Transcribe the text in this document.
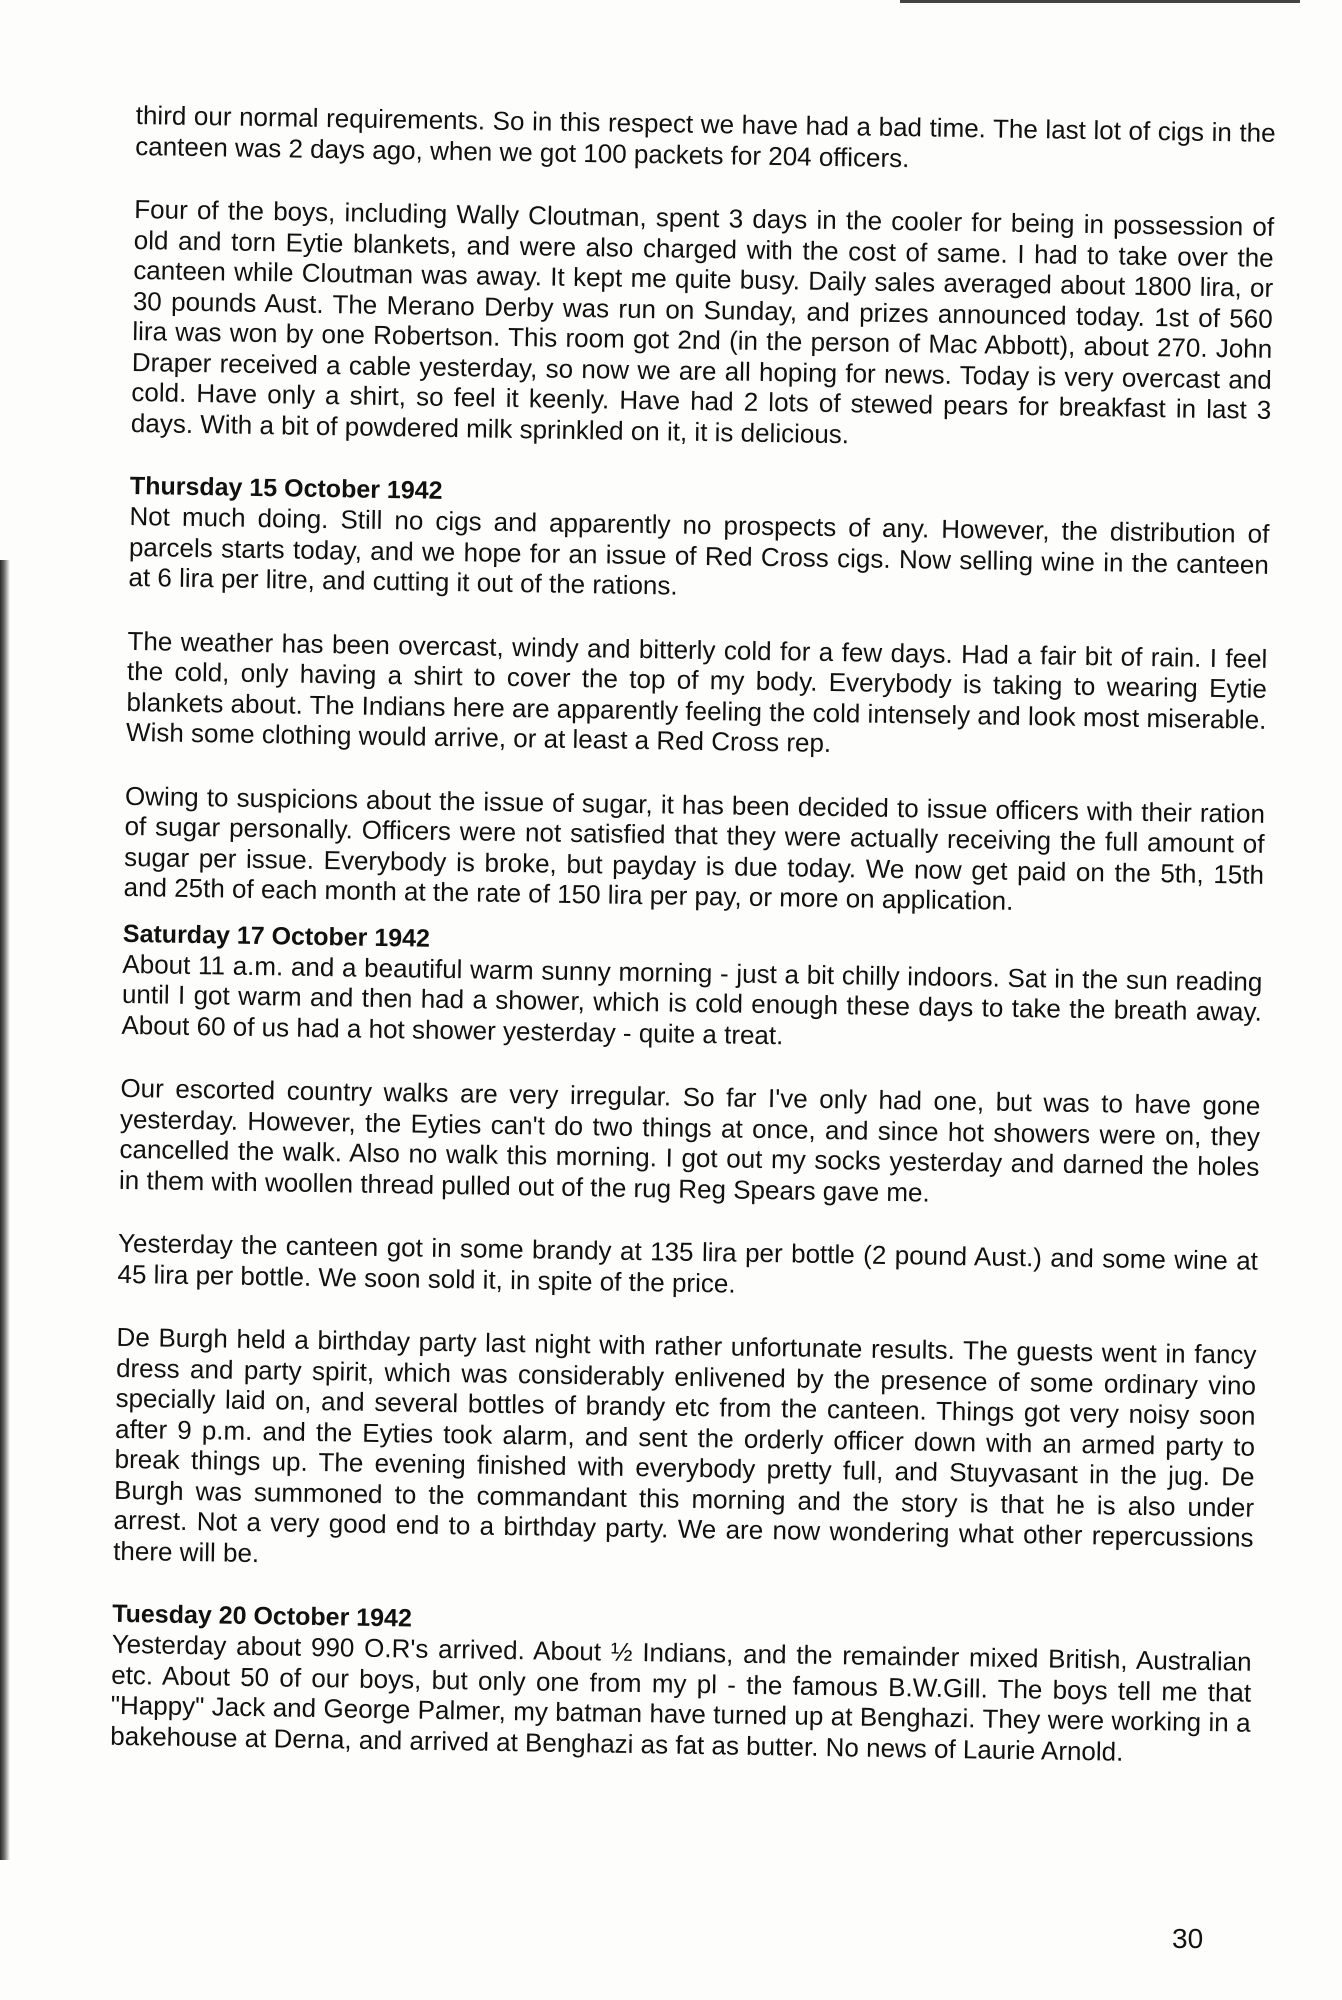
third our normal requirements. So in this respect we have had a bad time. The last lot of cigs in the canteen was 2 days ago, when we got 100 packets for 204 officers.

Four of the boys, including Wally Cloutman, spent 3 days in the cooler for being in possession of old and torn Eytie blankets, and were also charged with the cost of same. I had to take over the canteen while Cloutman was away. It kept me quite busy. Daily sales averaged about 1800 lira, or 30 pounds Aust. The Merano Derby was run on Sunday, and prizes announced today. 1st of 560 lira was won by one Robertson. This room got 2nd (in the person of Mac Abbott), about 270. John Draper received a cable yesterday, so now we are all hoping for news. Today is very overcast and cold. Have only a shirt, so feel it keenly. Have had 2 lots of stewed pears for breakfast in last 3 days. With a bit of powdered milk sprinkled on it, it is delicious.

Thursday 15 October 1942

Not much doing. Still no cigs and apparently no prospects of any. However, the distribution of parcels starts today, and we hope for an issue of Red Cross cigs. Now selling wine in the canteen at 6 lira per litre, and cutting it out of the rations.

The weather has been overcast, windy and bitterly cold for a few days. Had a fair bit of rain. I feel the cold, only having a shirt to cover the top of my body. Everybody is taking to wearing Eytie blankets about. The Indians here are apparently feeling the cold intensely and look most miserable. Wish some clothing would arrive, or at least a Red Cross rep.

Owing to suspicions about the issue of sugar, it has been decided to issue officers with their ration of sugar personally. Officers were not satisfied that they were actually receiving the full amount of sugar per issue. Everybody is broke, but payday is due today. We now get paid on the 5th, 15th and 25th of each month at the rate of 150 lira per pay, or more on application.

Saturday 17 October 1942

About 11 a.m. and a beautiful warm sunny morning - just a bit chilly indoors. Sat in the sun reading until I got warm and then had a shower, which is cold enough these days to take the breath away. About 60 of us had a hot shower yesterday - quite a treat.

Our escorted country walks are very irregular. So far I've only had one, but was to have gone yesterday. However, the Eyties can't do two things at once, and since hot showers were on, they cancelled the walk. Also no walk this morning. I got out my socks yesterday and darned the holes in them with woollen thread pulled out of the rug Reg Spears gave me.

Yesterday the canteen got in some brandy at 135 lira per bottle (2 pound Aust.) and some wine at 45 lira per bottle. We soon sold it, in spite of the price.

De Burgh held a birthday party last night with rather unfortunate results. The guests went in fancy dress and party spirit, which was considerably enlivened by the presence of some ordinary vino specially laid on, and several bottles of brandy etc from the canteen. Things got very noisy soon after 9 p.m. and the Eyties took alarm, and sent the orderly officer down with an armed party to break things up. The evening finished with everybody pretty full, and Stuyvasant in the jug. De Burgh was summoned to the commandant this morning and the story is that he is also under arrest. Not a very good end to a birthday party. We are now wondering what other repercussions there will be.

Tuesday 20 October 1942

Yesterday about 990 O.R's arrived. About ½ Indians, and the remainder mixed British, Australian etc. About 50 of our boys, but only one from my pl - the famous B.W.Gill. The boys tell me that "Happy" Jack and George Palmer, my batman have turned up at Benghazi. They were working in a bakehouse at Derna, and arrived at Benghazi as fat as butter. No news of Laurie Arnold.

30
